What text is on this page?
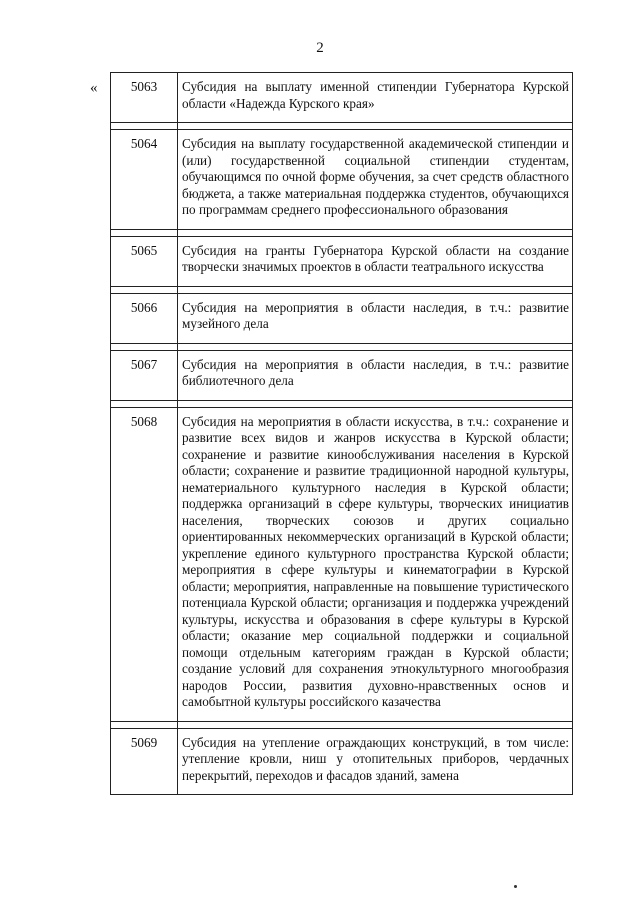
2
«	5063	Субсидия на выплату именной стипендии Губернатора Курской области «Надежда Курского края»

5064	Субсидия на выплату государственной академической стипендии и (или) государственной социальной стипендии студентам, обучающимся по очной форме обучения, за счет средств областного бюджета, а также материальная поддержка студентов, обучающихся по программам среднего профессионального образования

5065	Субсидия на гранты Губернатора Курской области на создание творчески значимых проектов в области театрального искусства

5066	Субсидия на мероприятия в области наследия, в т.ч.: развитие музейного дела

5067	Субсидия на мероприятия в области наследия, в т.ч.: развитие библиотечного дела

5068	Субсидия на мероприятия в области искусства, в т.ч.: сохранение и развитие всех видов и жанров искусства в Курской области; сохранение и развитие кинообслуживания населения в Курской области; сохранение и развитие традиционной народной культуры, нематериального культурного наследия в Курской области; поддержка организаций в сфере культуры, творческих инициатив населения, творческих союзов и других социально ориентированных некоммерческих организаций в Курской области; укрепление единого культурного пространства Курской области; мероприятия в сфере культуры и кинематографии в Курской области; мероприятия, направленные на повышение туристического потенциала Курской области; организация и поддержка учреждений культуры, искусства и образования в сфере культуры в Курской области; оказание мер социальной поддержки и социальной помощи отдельным категориям граждан в Курской области; создание условий для сохранения этнокультурного многообразия народов России, развития духовно-нравственных основ и самобытной культуры российского казачества

5069	Субсидия на утепление ограждающих конструкций, в том числе: утепление кровли, ниш у отопительных приборов, чердачных перекрытий, переходов и фасадов зданий, замена
